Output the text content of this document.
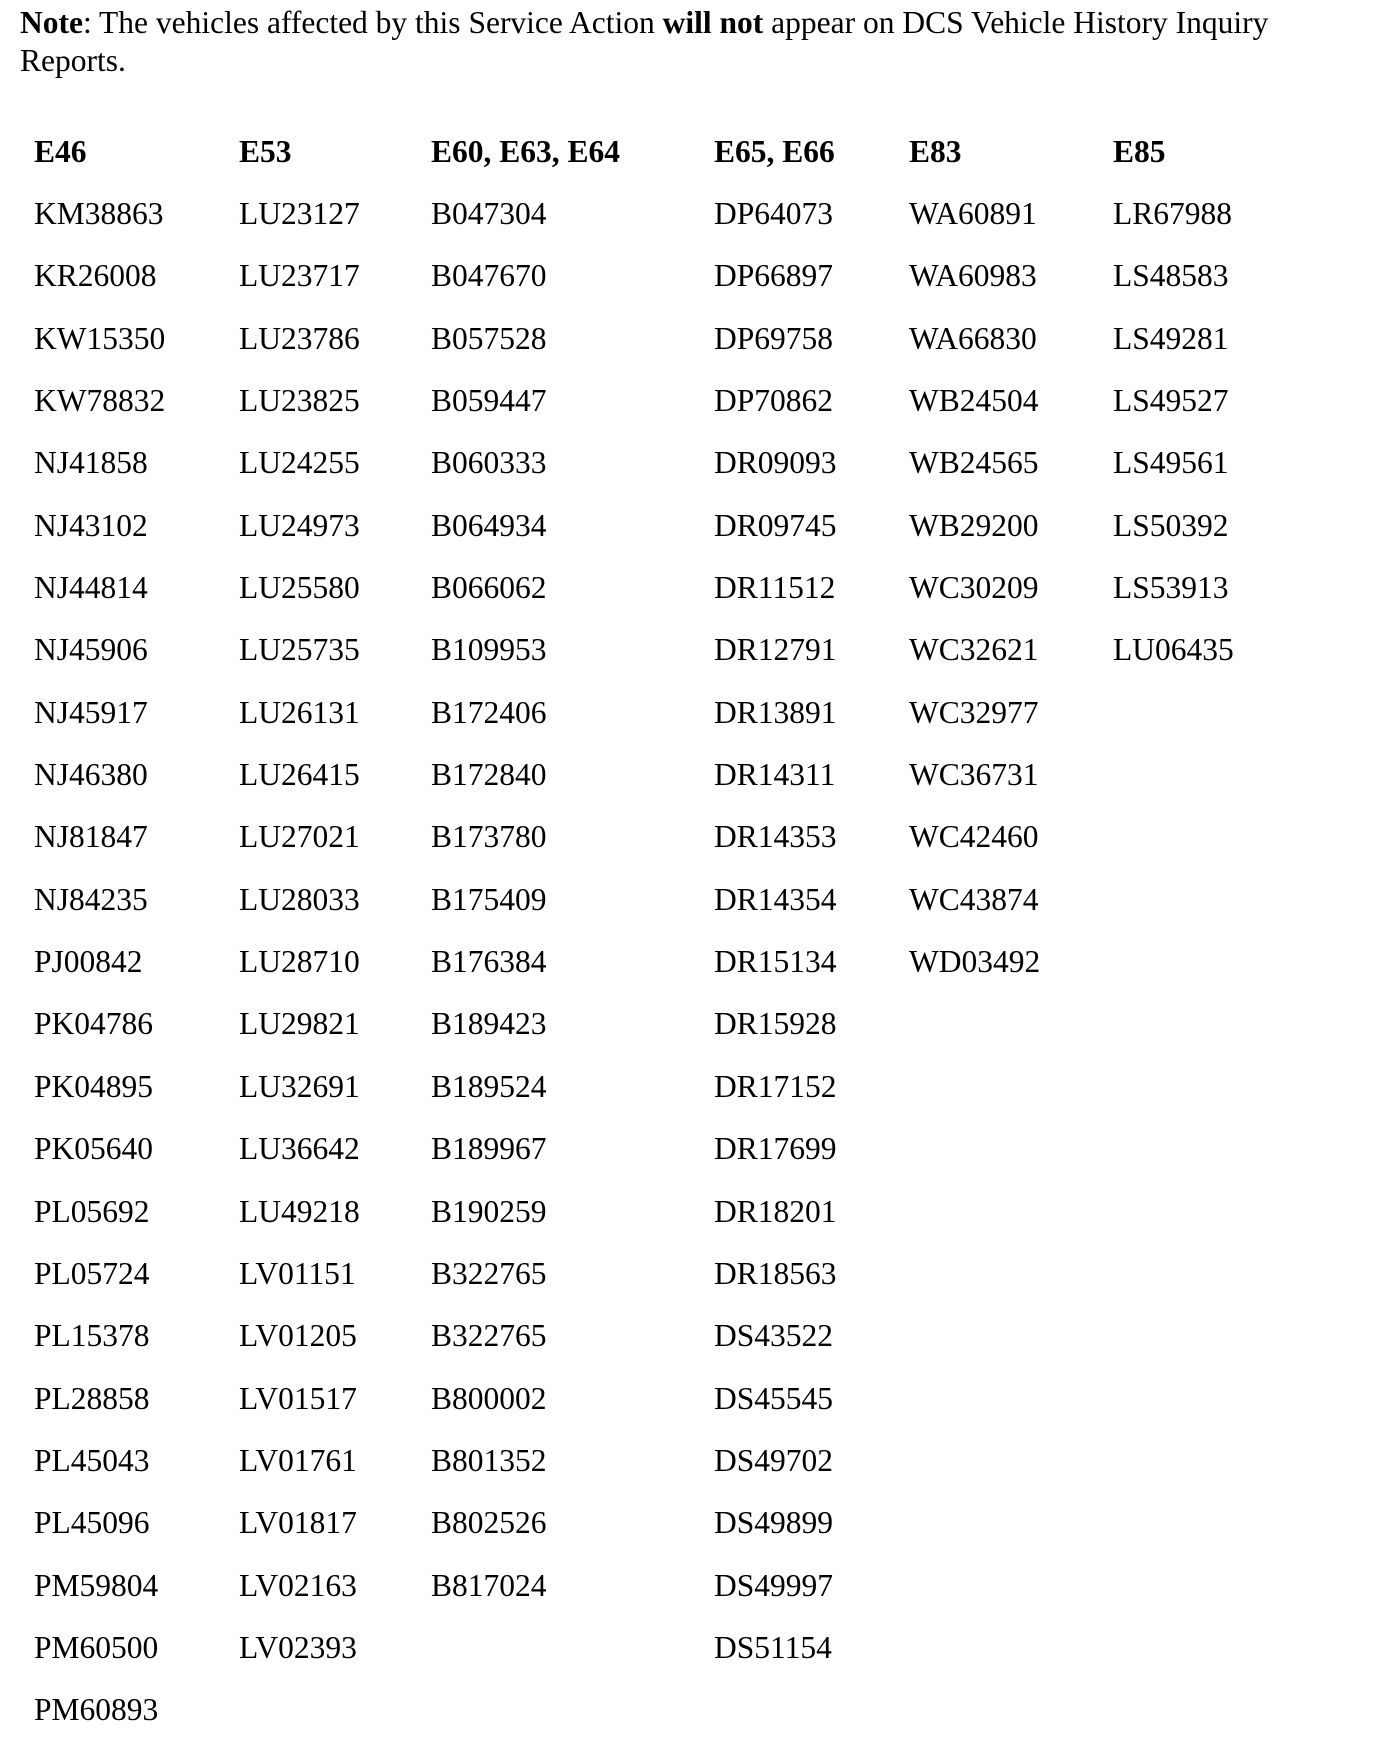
Note: The vehicles affected by this Service Action will not appear on DCS Vehicle History Inquiry Reports.
E46
KM38863
KR26008
KW15350
KW78832
NJ41858
NJ43102
NJ44814
NJ45906
NJ45917
NJ46380
NJ81847
NJ84235
PJ00842
PK04786
PK04895
PK05640
PL05692
PL05724
PL15378
PL28858
PL45043
PL45096
PM59804
PM60500
PM60893
E53
LU23127
LU23717
LU23786
LU23825
LU24255
LU24973
LU25580
LU25735
LU26131
LU26415
LU27021
LU28033
LU28710
LU29821
LU32691
LU36642
LU49218
LV01151
LV01205
LV01517
LV01761
LV01817
LV02163
LV02393
E60, E63, E64
B047304
B047670
B057528
B059447
B060333
B064934
B066062
B109953
B172406
B172840
B173780
B175409
B176384
B189423
B189524
B189967
B190259
B322765
B322765
B800002
B801352
B802526
B817024
E65, E66
DP64073
DP66897
DP69758
DP70862
DR09093
DR09745
DR11512
DR12791
DR13891
DR14311
DR14353
DR14354
DR15134
DR15928
DR17152
DR17699
DR18201
DR18563
DS43522
DS45545
DS49702
DS49899
DS49997
DS51154
E83
WA60891
WA60983
WA66830
WB24504
WB24565
WB29200
WC30209
WC32621
WC32977
WC36731
WC42460
WC43874
WD03492
E85
LR67988
LS48583
LS49281
LS49527
LS49561
LS50392
LS53913
LU06435
